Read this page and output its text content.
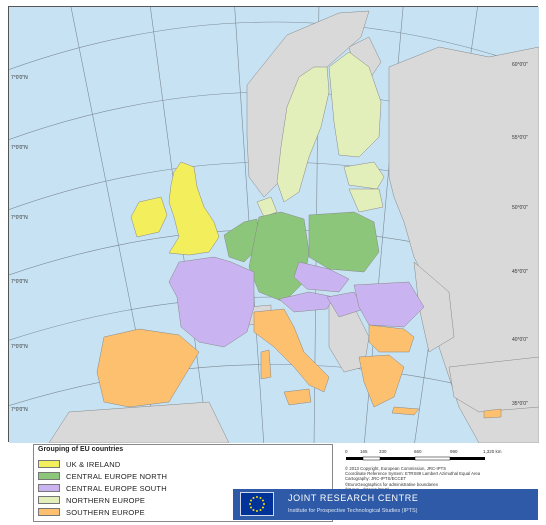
7°0'0"N
7°0'0"N
7°0'0"N
7°0'0"N
7°0'0"N
7°0'0"N
60°0'0"
55°0'0"
50°0'0"
45°0'0"
40°0'0"
35°0'0"
Grouping of EU countries
UK & IRELAND
CENTRAL EUROPE NORTH
CENTRAL EUROPE SOUTH
NORTHERN EUROPE
SOUTHERN EUROPE
0	165	330	660	990	1,320 km
© 2013 Copyright, European Commission, JRC-IPTS
Coordinate Reference System: ETRS89 Lambert Azimuthal Equal Area
Cartography: JRC-IPTS/ECCET
©EuroGeographics for administrative boundaries
JOINT RESEARCH CENTRE
Institute for Prospective Technological Studies (IPTS)
